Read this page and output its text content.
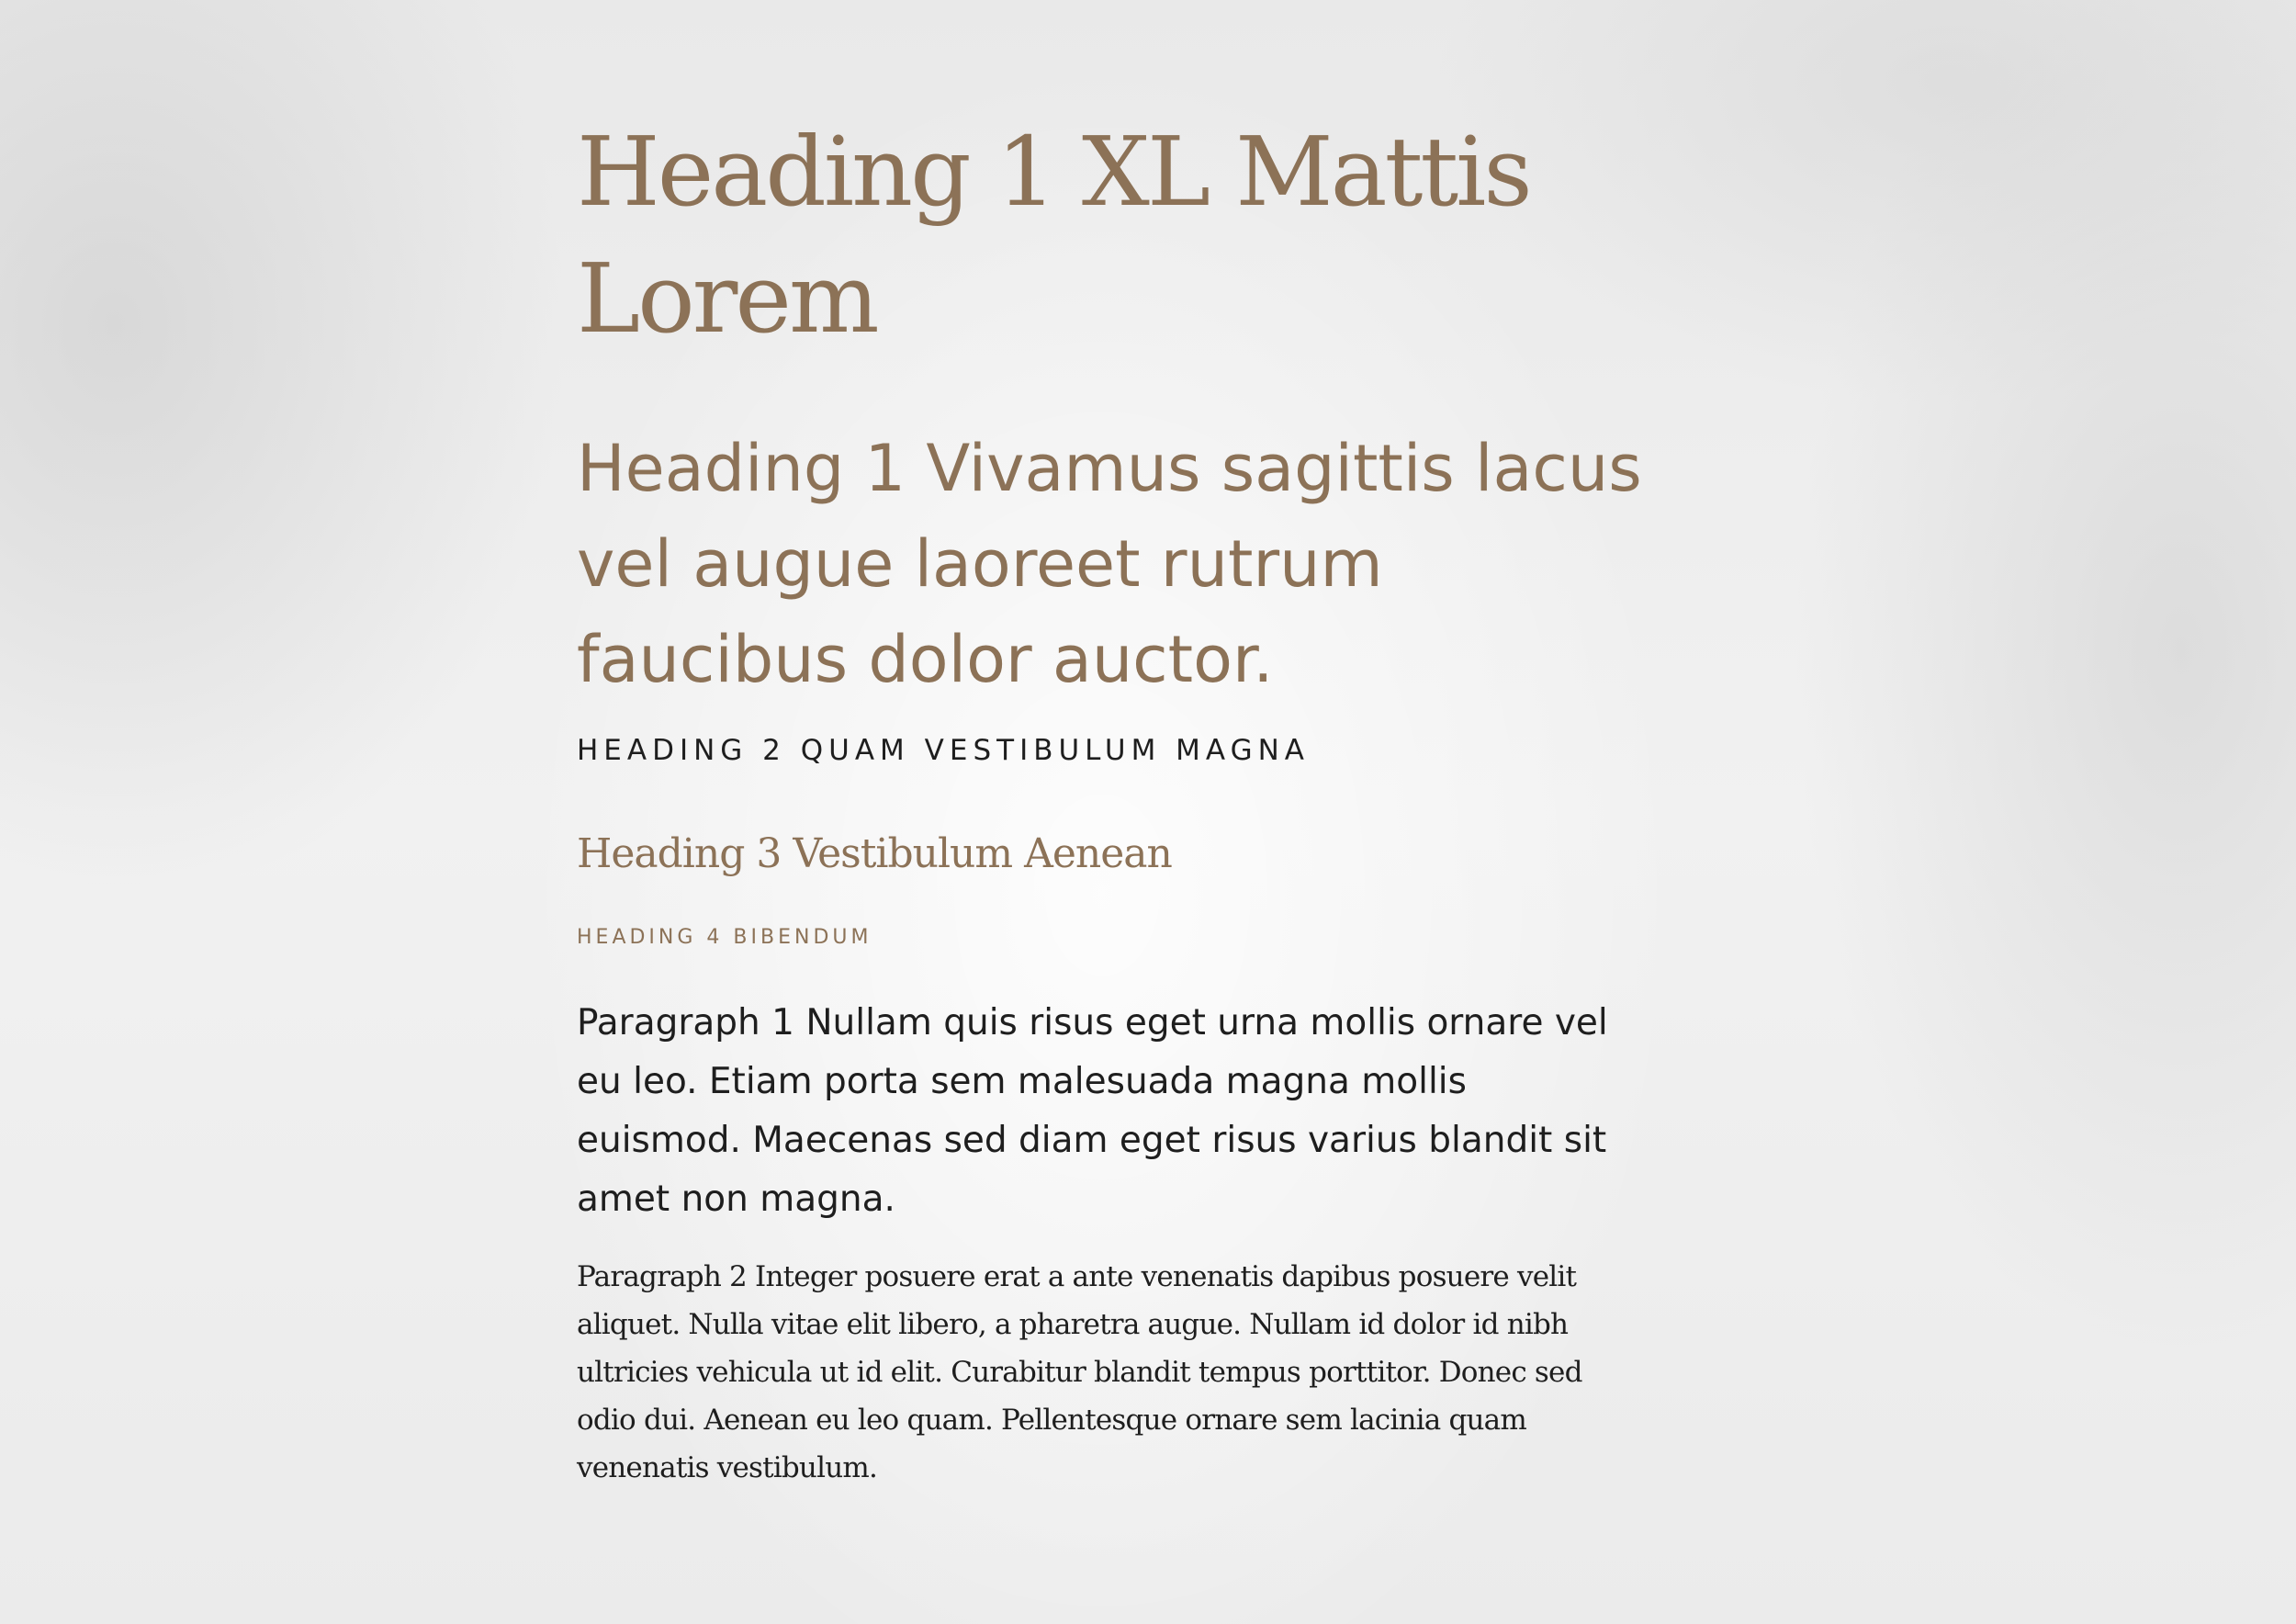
Heading 1 XL Mattis Lorem
Heading 1 Vivamus sagittis lacus vel augue laoreet rutrum faucibus dolor auctor.
HEADING 2 QUAM VESTIBULUM MAGNA
Heading 3 Vestibulum Aenean
HEADING 4 BIBENDUM

Paragraph 1 Nullam quis risus eget urna mollis ornare vel eu leo. Etiam porta sem malesuada magna mollis euismod. Maecenas sed diam eget risus varius blandit sit amet non magna.

Paragraph 2 Integer posuere erat a ante venenatis dapibus posuere velit aliquet. Nulla vitae elit libero, a pharetra augue. Nullam id dolor id nibh ultricies vehicula ut id elit. Curabitur blandit tempus porttitor. Donec sed odio dui. Aenean eu leo quam. Pellentesque ornare sem lacinia quam venenatis vestibulum.
